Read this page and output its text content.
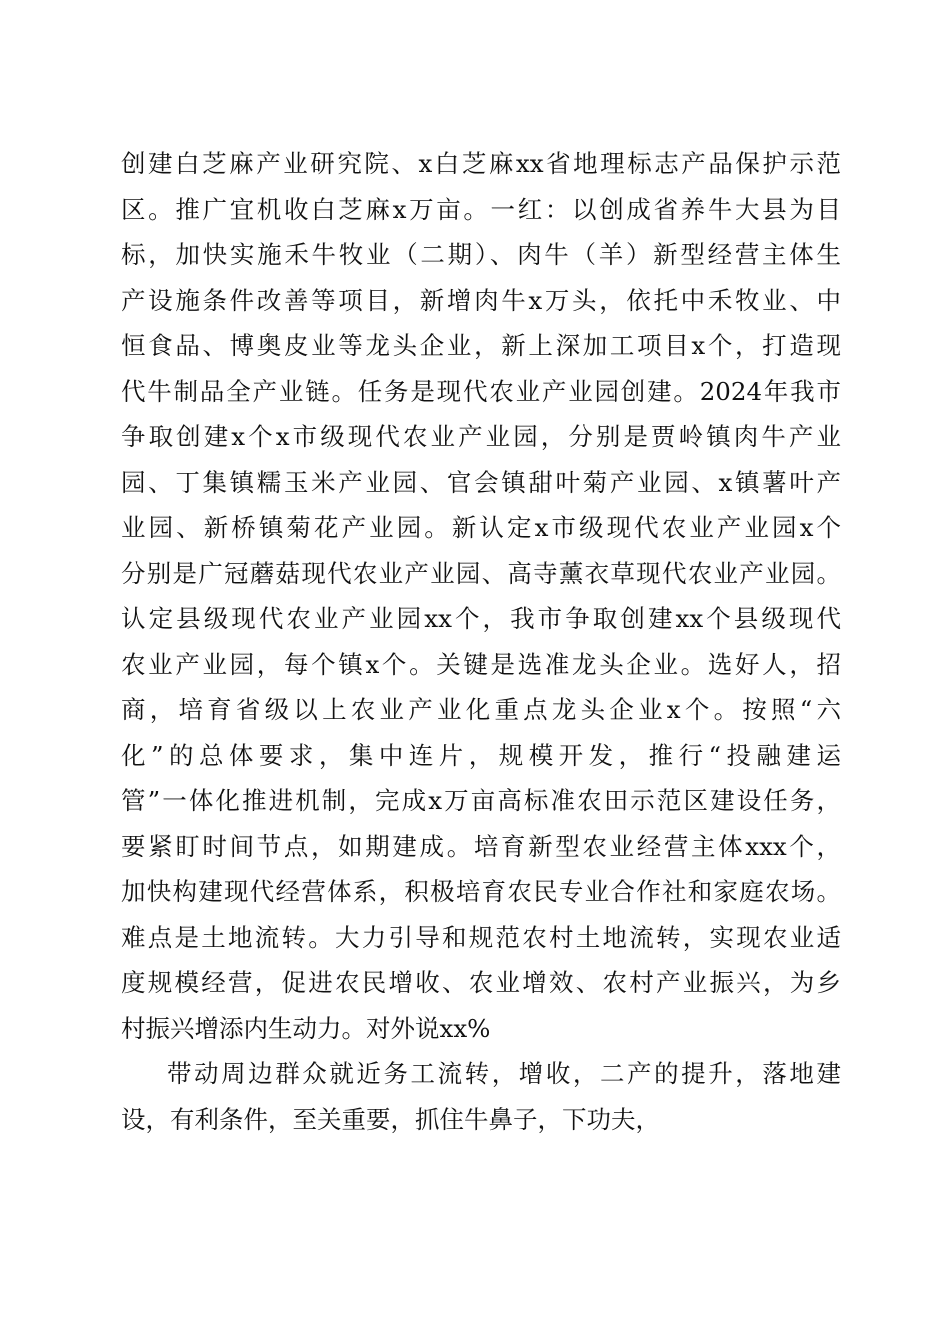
创建白芝麻产业研究院、x白芝麻xx省地理标志产品保护示范
区。推广宜机收白芝麻x万亩。一红：以创成省养牛大县为目
标，加快实施禾牛牧业（二期）、肉牛（羊）新型经营主体生
产设施条件改善等项目，新增肉牛x万头，依托中禾牧业、中
恒食品、博奥皮业等龙头企业，新上深加工项目x个，打造现
代牛制品全产业链。任务是现代农业产业园创建。2024年我市
争取创建x个x市级现代农业产业园，分别是贾岭镇肉牛产业
园、丁集镇糯玉米产业园、官会镇甜叶菊产业园、x镇薯叶产
业园、新桥镇菊花产业园。新认定x市级现代农业产业园x个
分别是广冠蘑菇现代农业产业园、高寺薰衣草现代农业产业园。
认定县级现代农业产业园xx个，我市争取创建xx个县级现代
农业产业园，每个镇x个。关键是选准龙头企业。选好人，招
商，培育省级以上农业产业化重点龙头企业x个。按照“六
化”的总体要求，集中连片，规模开发，推行“投融建运
管”一体化推进机制，完成x万亩高标准农田示范区建设任务，
要紧盯时间节点，如期建成。培育新型农业经营主体xxx个，
加快构建现代经营体系，积极培育农民专业合作社和家庭农场。
难点是土地流转。大力引导和规范农村土地流转，实现农业适
度规模经营，促进农民增收、农业增效、农村产业振兴，为乡
村振兴增添内生动力。对外说xx%
带动周边群众就近务工流转，增收，二产的提升，落地建
设，有利条件，至关重要，抓住牛鼻子，下功夫，
